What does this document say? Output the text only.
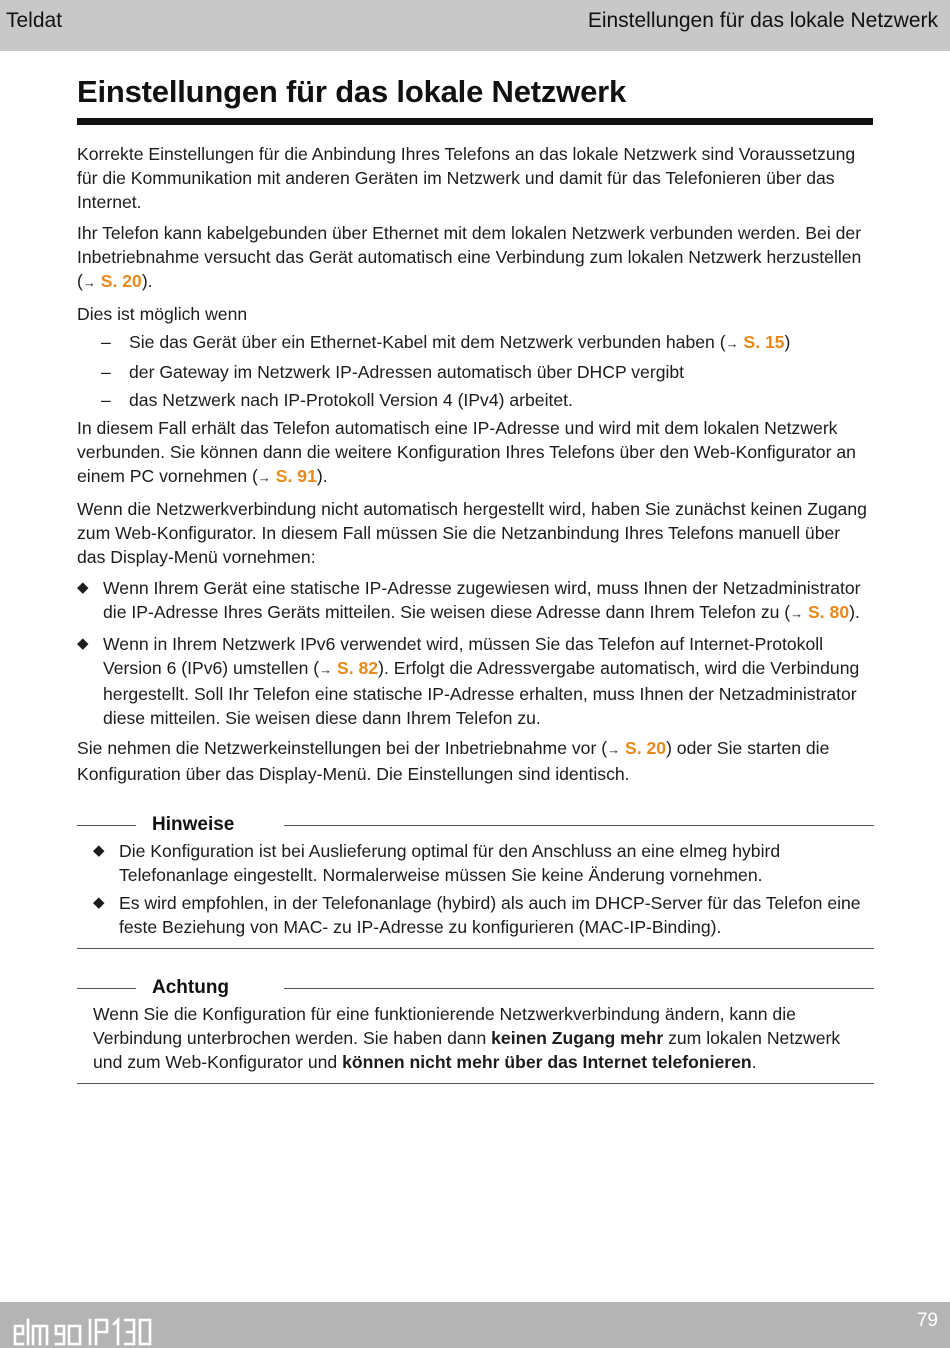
Teldat	Einstellungen für das lokale Netzwerk
Einstellungen für das lokale Netzwerk

Korrekte Einstellungen für die Anbindung Ihres Telefons an das lokale Netzwerk sind Voraussetzung für die Kommunikation mit anderen Geräten im Netzwerk und damit für das Telefonieren über das Internet.

Ihr Telefon kann kabelgebunden über Ethernet mit dem lokalen Netzwerk verbunden werden. Bei der Inbetriebnahme versucht das Gerät automatisch eine Verbindung zum lokalen Netzwerk herzustellen (→ S. 20).

Dies ist möglich wenn

– Sie das Gerät über ein Ethernet-Kabel mit dem Netzwerk verbunden haben (→ S. 15)
– der Gateway im Netzwerk IP-Adressen automatisch über DHCP vergibt
– das Netzwerk nach IP-Protokoll Version 4 (IPv4) arbeitet.

In diesem Fall erhält das Telefon automatisch eine IP-Adresse und wird mit dem lokalen Netzwerk verbunden. Sie können dann die weitere Konfiguration Ihres Telefons über den Web-Konfigurator an einem PC vornehmen (→ S. 91).

Wenn die Netzwerkverbindung nicht automatisch hergestellt wird, haben Sie zunächst keinen Zugang zum Web-Konfigurator. In diesem Fall müssen Sie die Netzanbindung Ihres Telefons manuell über das Display-Menü vornehmen:

◆ Wenn Ihrem Gerät eine statische IP-Adresse zugewiesen wird, muss Ihnen der Netzadministrator die IP-Adresse Ihres Geräts mitteilen. Sie weisen diese Adresse dann Ihrem Telefon zu (→ S. 80).
◆ Wenn in Ihrem Netzwerk IPv6 verwendet wird, müssen Sie das Telefon auf Internet-Protokoll Version 6 (IPv6) umstellen (→ S. 82). Erfolgt die Adressvergabe automatisch, wird die Verbindung hergestellt. Soll Ihr Telefon eine statische IP-Adresse erhalten, muss Ihnen der Netzadministrator diese mitteilen. Sie weisen diese dann Ihrem Telefon zu.

Sie nehmen die Netzwerkeinstellungen bei der Inbetriebnahme vor (→ S. 20) oder Sie starten die Konfiguration über das Display-Menü. Die Einstellungen sind identisch.

Hinweise
◆ Die Konfiguration ist bei Auslieferung optimal für den Anschluss an eine elmeg hybird Telefonanlage eingestellt. Normalerweise müssen Sie keine Änderung vornehmen.
◆ Es wird empfohlen, in der Telefonanlage (hybird) als auch im DHCP-Server für das Telefon eine feste Beziehung von MAC- zu IP-Adresse zu konfigurieren (MAC-IP-Binding).
Achtung
Wenn Sie die Konfiguration für eine funktionierende Netzwerkverbindung ändern, kann die Verbindung unterbrochen werden. Sie haben dann keinen Zugang mehr zum lokalen Netzwerk und zum Web-Konfigurator und können nicht mehr über das Internet telefonieren.
79
